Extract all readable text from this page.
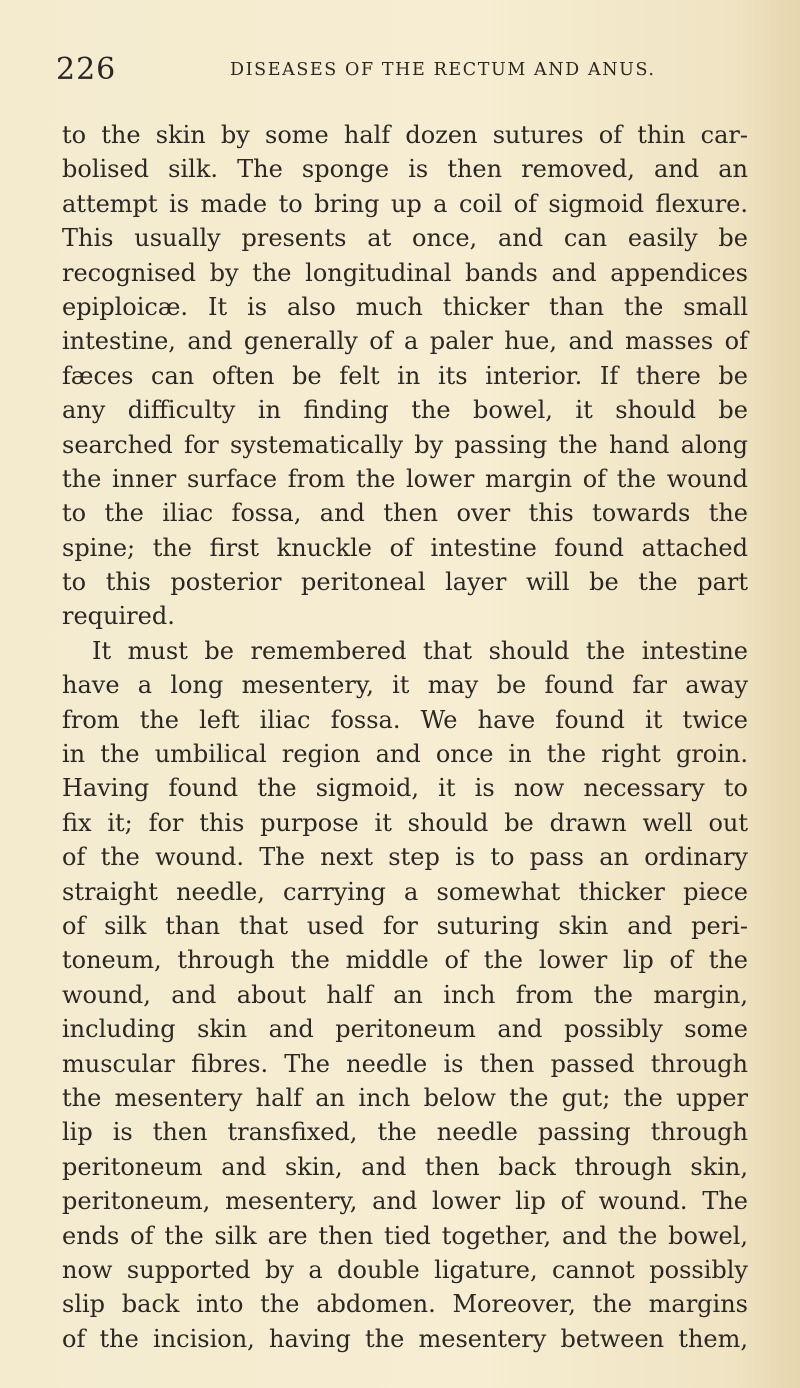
226	DISEASES OF THE RECTUM AND ANUS.
to the skin by some half dozen sutures of thin car-
bolised silk. The sponge is then removed, and an
attempt is made to bring up a coil of sigmoid flexure.
This usually presents at once, and can easily be
recognised by the longitudinal bands and appendices
epiploicæ. It is also much thicker than the small
intestine, and generally of a paler hue, and masses of
fæces can often be felt in its interior. If there be
any difficulty in finding the bowel, it should be
searched for systematically by passing the hand along
the inner surface from the lower margin of the wound
to the iliac fossa, and then over this towards the
spine; the first knuckle of intestine found attached
to this posterior peritoneal layer will be the part
required.
It must be remembered that should the intestine
have a long mesentery, it may be found far away
from the left iliac fossa. We have found it twice
in the umbilical region and once in the right groin.
Having found the sigmoid, it is now necessary to
fix it; for this purpose it should be drawn well out
of the wound. The next step is to pass an ordinary
straight needle, carrying a somewhat thicker piece
of silk than that used for suturing skin and peri-
toneum, through the middle of the lower lip of the
wound, and about half an inch from the margin,
including skin and peritoneum and possibly some
muscular fibres. The needle is then passed through
the mesentery half an inch below the gut; the upper
lip is then transfixed, the needle passing through
peritoneum and skin, and then back through skin,
peritoneum, mesentery, and lower lip of wound. The
ends of the silk are then tied together, and the bowel,
now supported by a double ligature, cannot possibly
slip back into the abdomen. Moreover, the margins
of the incision, having the mesentery between them,
